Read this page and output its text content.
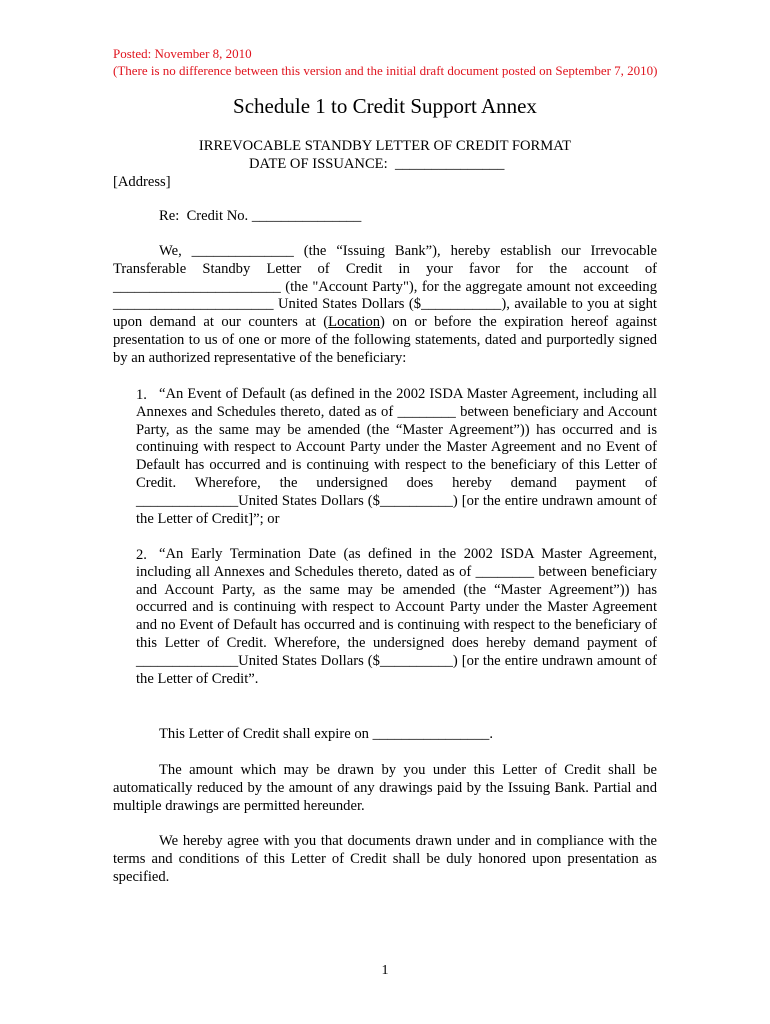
Posted: November 8, 2010
(There is no difference between this version and the initial draft document posted on September 7, 2010)
Schedule 1 to Credit Support Annex
IRREVOCABLE STANDBY LETTER OF CREDIT FORMAT
DATE OF ISSUANCE:  _______________
[Address]
Re:  Credit No. _______________
We, ______________ (the “Issuing Bank”), hereby establish our Irrevocable Transferable Standby Letter of Credit in your favor for the account of _______________________ (the "Account Party"), for the aggregate amount not exceeding ______________________ United States Dollars ($___________), available to you at sight upon demand at our counters at (Location) on or before the expiration hereof against presentation to us of one or more of the following statements, dated and purportedly signed by an authorized representative of the beneficiary:
1. “An Event of Default (as defined in the 2002 ISDA Master Agreement, including all Annexes and Schedules thereto, dated as of ________ between beneficiary and Account Party, as the same may be amended (the “Master Agreement”)) has occurred and is continuing with respect to Account Party under the Master Agreement and no Event of Default has occurred and is continuing with respect to the beneficiary of this Letter of Credit. Wherefore, the undersigned does hereby demand payment of ______________United States Dollars ($__________) [or the entire undrawn amount of the Letter of Credit]”; or
2. “An Early Termination Date (as defined in the 2002 ISDA Master Agreement, including all Annexes and Schedules thereto, dated as of ________ between beneficiary and Account Party, as the same may be amended (the “Master Agreement”)) has occurred and is continuing with respect to Account Party under the Master Agreement and no Event of Default has occurred and is continuing with respect to the beneficiary of this Letter of Credit. Wherefore, the undersigned does hereby demand payment of ______________United States Dollars ($__________) [or the entire undrawn amount of the Letter of Credit”.
This Letter of Credit shall expire on ________________.
The amount which may be drawn by you under this Letter of Credit shall be automatically reduced by the amount of any drawings paid by the Issuing Bank. Partial and multiple drawings are permitted hereunder.
We hereby agree with you that documents drawn under and in compliance with the terms and conditions of this Letter of Credit shall be duly honored upon presentation as specified.
1
